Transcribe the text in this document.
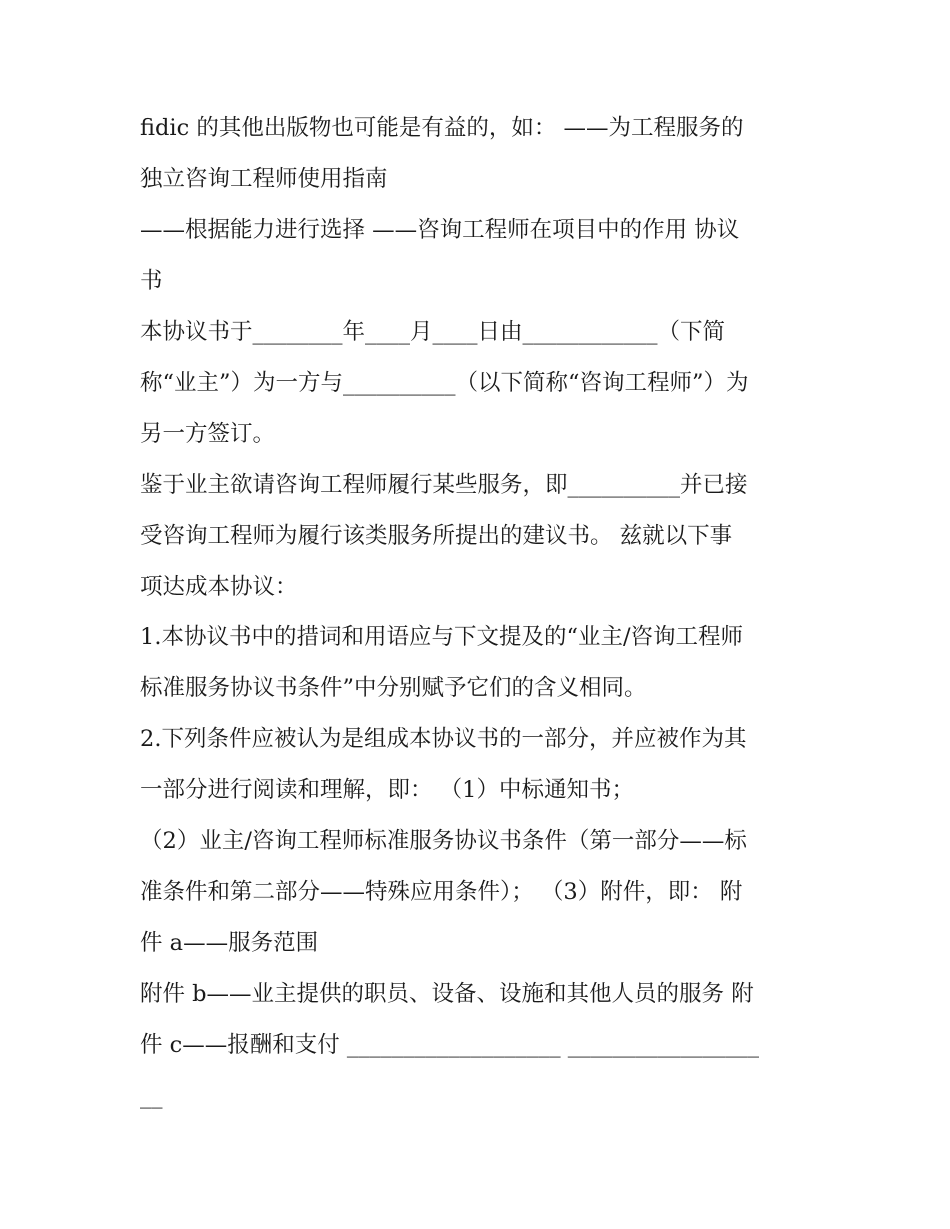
fidic 的其他出版物也可能是有益的，如： ——为工程服务的
独立咨询工程师使用指南
——根据能力进行选择 ——咨询工程师在项目中的作用 协议
书
本协议书于________年____月____日由____________（下简
称“业主”）为一方与__________（以下简称“咨询工程师”）为
另一方签订。
鉴于业主欲请咨询工程师履行某些服务，即__________并已接
受咨询工程师为履行该类服务所提出的建议书。 兹就以下事
项达成本协议：
1.本协议书中的措词和用语应与下文提及的“业主/咨询工程师
标准服务协议书条件”中分别赋予它们的含义相同。
2.下列条件应被认为是组成本协议书的一部分，并应被作为其
一部分进行阅读和理解，即： （1）中标通知书；
（2）业主/咨询工程师标准服务协议书条件（第一部分——标
准条件和第二部分——特殊应用条件）； （3）附件，即： 附
件 a——服务范围
附件 b——业主提供的职员、设备、设施和其他人员的服务 附
件 c——报酬和支付 ___________________ _________________
__
